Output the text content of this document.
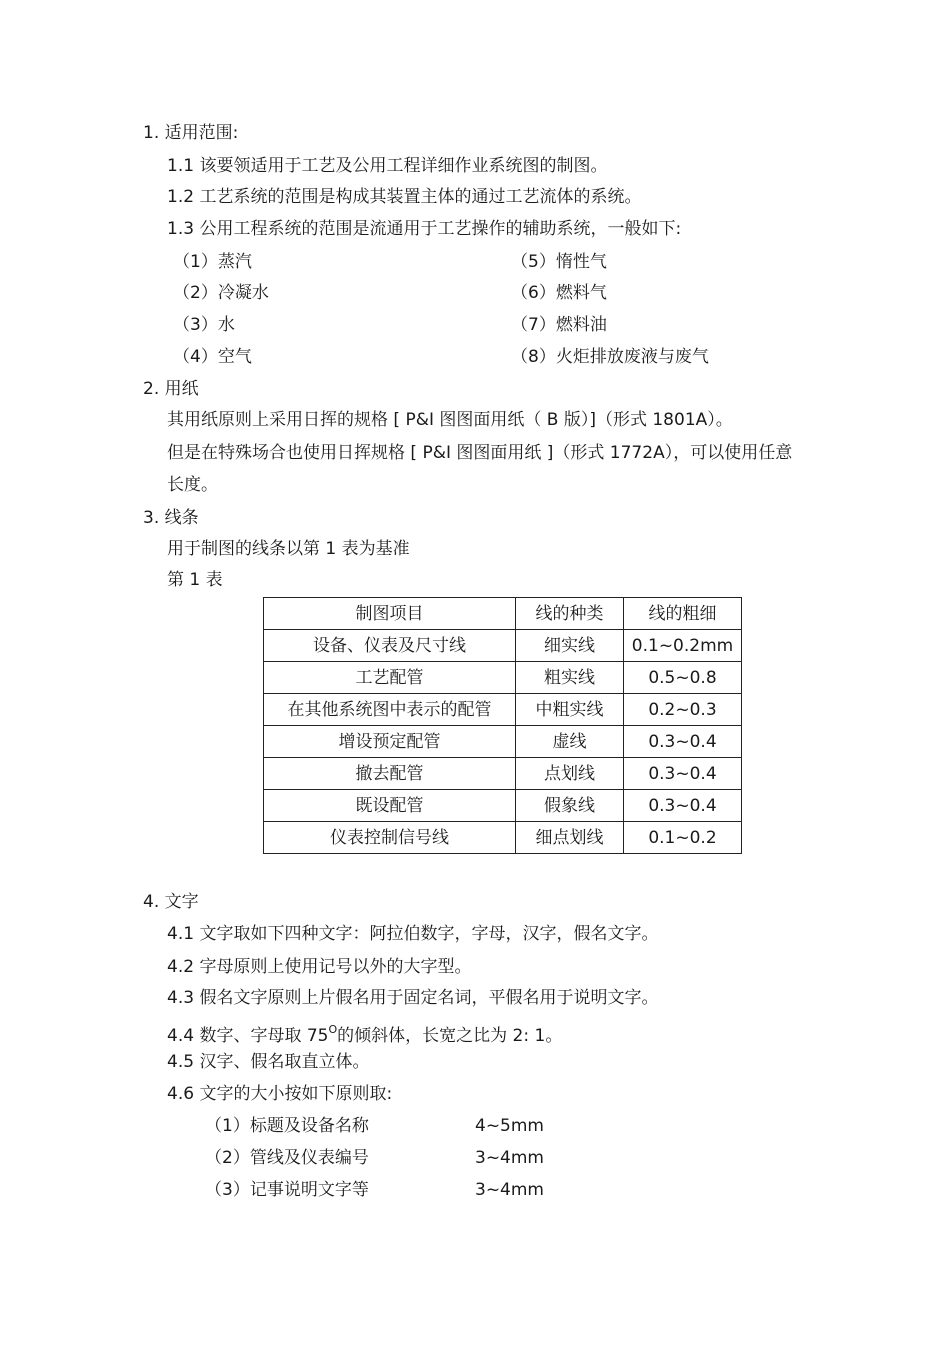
1. 适用范围:
1.1 该要领适用于工艺及公用工程详细作业系统图的制图。
1.2 工艺系统的范围是构成其装置主体的通过工艺流体的系统。
1.3 公用工程系统的范围是流通用于工艺操作的辅助系统，一般如下:
（1）蒸汽	（5）惰性气
（2）冷凝水	（6）燃料气
（3）水	（7）燃料油
（4）空气	（8）火炬排放废液与废气
2. 用纸
其用纸原则上采用日挥的规格 [ P&I 图图面用纸（ B 版）]（形式 1801A）。
但是在特殊场合也使用日挥规格 [ P&I 图图面用纸 ]（形式 1772A），可以使用任意
长度。
3. 线条
用于制图的线条以第 1 表为基准
第 1 表
制图项目	线的种类	线的粗细
设备、仪表及尺寸线	细实线	0.1~0.2mm
工艺配管	粗实线	0.5~0.8
在其他系统图中表示的配管	中粗实线	0.2~0.3
增设预定配管	虚线	0.3~0.4
撤去配管	点划线	0.3~0.4
既设配管	假象线	0.3~0.4
仪表控制信号线	细点划线	0.1~0.2
4. 文字
4.1 文字取如下四种文字：阿拉伯数字，字母，汉字，假名文字。
4.2 字母原则上使用记号以外的大字型。
4.3 假名文字原则上片假名用于固定名词，平假名用于说明文字。
4.4 数字、字母取 $75^O$的倾斜体，长宽之比为 2: 1。
4.5 汉字、假名取直立体。
4.6 文字的大小按如下原则取:
（1）标题及设备名称	4~5mm
（2）管线及仪表编号	3~4mm
（3）记事说明文字等	3~4mm
